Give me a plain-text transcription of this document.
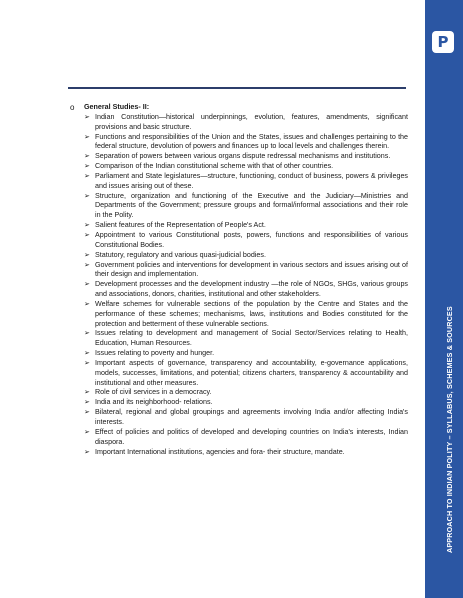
o	General Studies- II:
➢ Indian Constitution—historical underpinnings, evolution, features, amendments, significant provisions and basic structure.
➢ Functions and responsibilities of the Union and the States, issues and challenges pertaining to the federal structure, devolution of powers and finances up to local levels and challenges therein.
➢ Separation of powers between various organs dispute redressal mechanisms and institutions.
➢ Comparison of the Indian constitutional scheme with that of other countries.
➢ Parliament and State legislatures—structure, functioning, conduct of business, powers & privileges and issues arising out of these.
➢ Structure, organization and functioning of the Executive and the Judiciary—Ministries and Departments of the Government; pressure groups and formal/informal associations and their role in the Polity.
➢ Salient features of the Representation of People's Act.
➢ Appointment to various Constitutional posts, powers, functions and responsibilities of various Constitutional Bodies.
➢ Statutory, regulatory and various quasi-judicial bodies.
➢ Government policies and interventions for development in various sectors and issues arising out of their design and implementation.
➢ Development processes and the development industry —the role of NGOs, SHGs, various groups and associations, donors, charities, institutional and other stakeholders.
➢ Welfare schemes for vulnerable sections of the population by the Centre and States and the performance of these schemes; mechanisms, laws, institutions and Bodies constituted for the protection and betterment of these vulnerable sections.
➢ Issues relating to development and management of Social Sector/Services relating to Health, Education, Human Resources.
➢ Issues relating to poverty and hunger.
➢ Important aspects of governance, transparency and accountability, e-governance applications, models, successes, limitations, and potential; citizens charters, transparency & accountability and institutional and other measures.
➢ Role of civil services in a democracy.
➢ India and its neighborhood- relations.
➢ Bilateral, regional and global groupings and agreements involving India and/or affecting India's interests.
➢ Effect of policies and politics of developed and developing countries on India's interests, Indian diaspora.
➢ Important International institutions, agencies and fora- their structure, mandate.
P
APPROACH TO INDIAN POLITY – SYLLABUS, SCHEMES & SOURCES
